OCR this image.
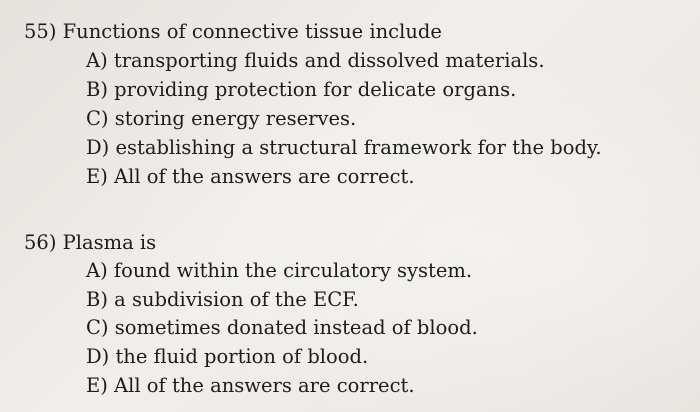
55) Functions of connective tissue include
A) transporting fluids and dissolved materials.
B) providing protection for delicate organs.
C) storing energy reserves.
D) establishing a structural framework for the body.
E) All of the answers are correct.
56) Plasma is
A) found within the circulatory system.
B) a subdivision of the ECF.
C) sometimes donated instead of blood.
D) the fluid portion of blood.
E) All of the answers are correct.
